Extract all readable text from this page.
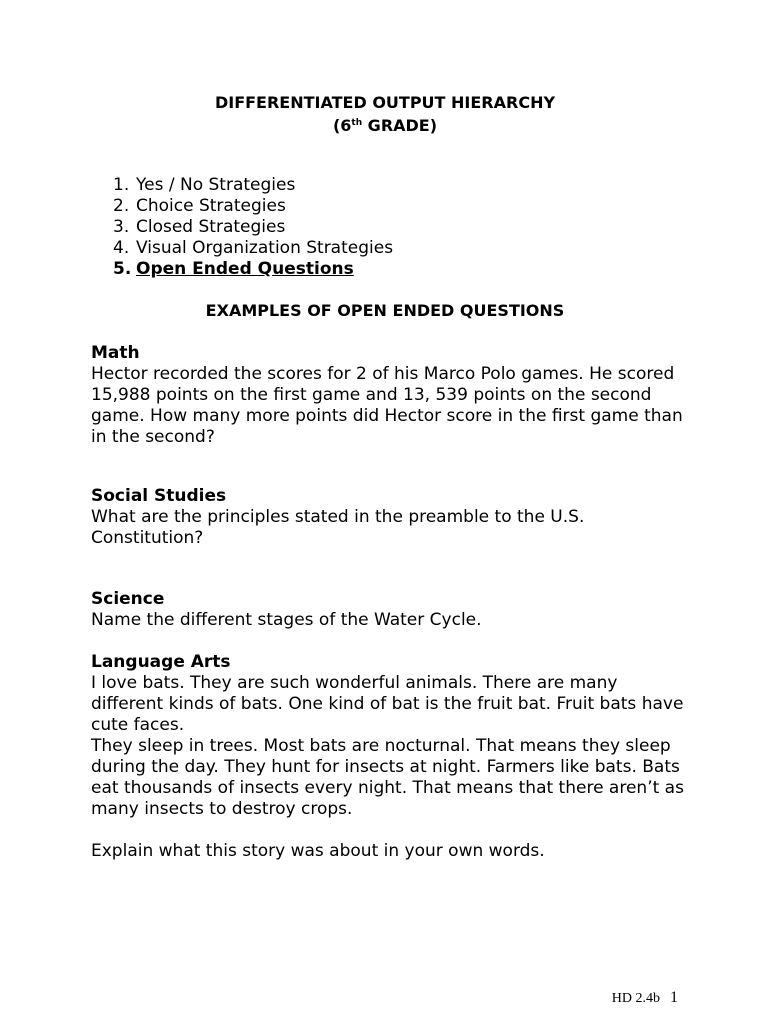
DIFFERENTIATED OUTPUT HIERARCHY
(6th GRADE)
1. Yes / No Strategies
2. Choice Strategies
3. Closed Strategies
4. Visual Organization Strategies
5. Open Ended Questions
EXAMPLES OF OPEN ENDED QUESTIONS
Math

Hector recorded the scores for 2 of his Marco Polo games. He scored 15,988 points on the first game and 13, 539 points on the second game. How many more points did Hector score in the first game than in the second?

Social Studies

What are the principles stated in the preamble to the U.S. Constitution?

Science

Name the different stages of the Water Cycle.

Language Arts

I love bats. They are such wonderful animals. There are many different kinds of bats. One kind of bat is the fruit bat. Fruit bats have cute faces.

They sleep in trees. Most bats are nocturnal. That means they sleep during the day. They hunt for insects at night. Farmers like bats. Bats eat thousands of insects every night. That means that there aren’t as many insects to destroy crops.

Explain what this story was about in your own words.

HD 2.4b 1
